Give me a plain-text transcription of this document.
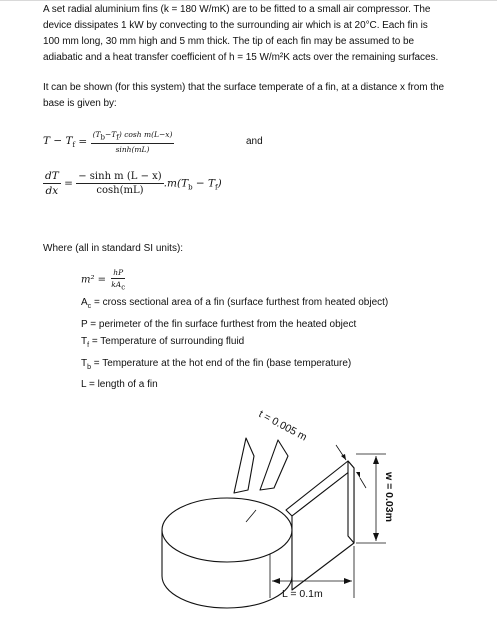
A set radial aluminium fins (k = 180 W/mK) are to be fitted to a small air compressor. The
device dissipates 1 kW by convecting to the surrounding air which is at 20°C. Each fin is
100 mm long, 30 mm high and 5 mm thick. The tip of each fin may be assumed to be
adiabatic and a heat transfer coefficient of h = 15 W/m²K acts over the remaining surfaces.
It can be shown (for this system) that the surface temperate of a fin, at a distance x from the
base is given by:
$T - T_f = \frac{(T_b-T_f) \cosh m(L-x)}{\sinh(mL)}$	and
$\frac{dT}{dx} = \frac{\text{− sinh m (L − x)}}{\cosh(mL)} .m(T_b - T_f)$
Where (all in standard SI units):
$m^2 = \frac{hP}{kA_c}$
$A_c$ = cross sectional area of a fin (surface furthest from heated object)
P = perimeter of the fin surface furthest from the heated object
$T_f$ = Temperature of surrounding fluid
$T_b$ = Temperature at the hot end of the fin (base temperature)
L = length of a fin
t = 0.005 m
w = 0.03m
L = 0.1m
